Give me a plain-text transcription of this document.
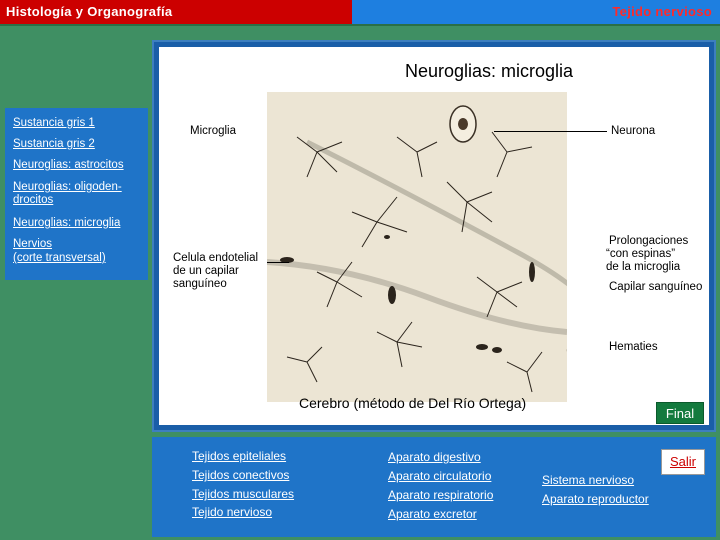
Histología y Organografía	Tejido nervioso
Sustancia gris 1
Sustancia gris 2
Neuroglias: astrocitos
Neuroglias: oligoden-
drocitos
Neuroglias: microglia
Nervios
(corte transversal)
Neuroglias: microglia
Microglia	Neurona
Celula endotelial
de un capilar
sanguíneo
Prolongaciones
“con espinas”
de la microglia
Capilar sanguíneo
Hematies
Cerebro (método de Del Río Ortega)
Final
Tejidos epiteliales
Tejidos conectivos
Tejidos musculares
Tejido nervioso
Aparato digestivo
Aparato circulatorio
Aparato respiratorio
Aparato excretor
Sistema nervioso
Aparato reproductor
Salir
